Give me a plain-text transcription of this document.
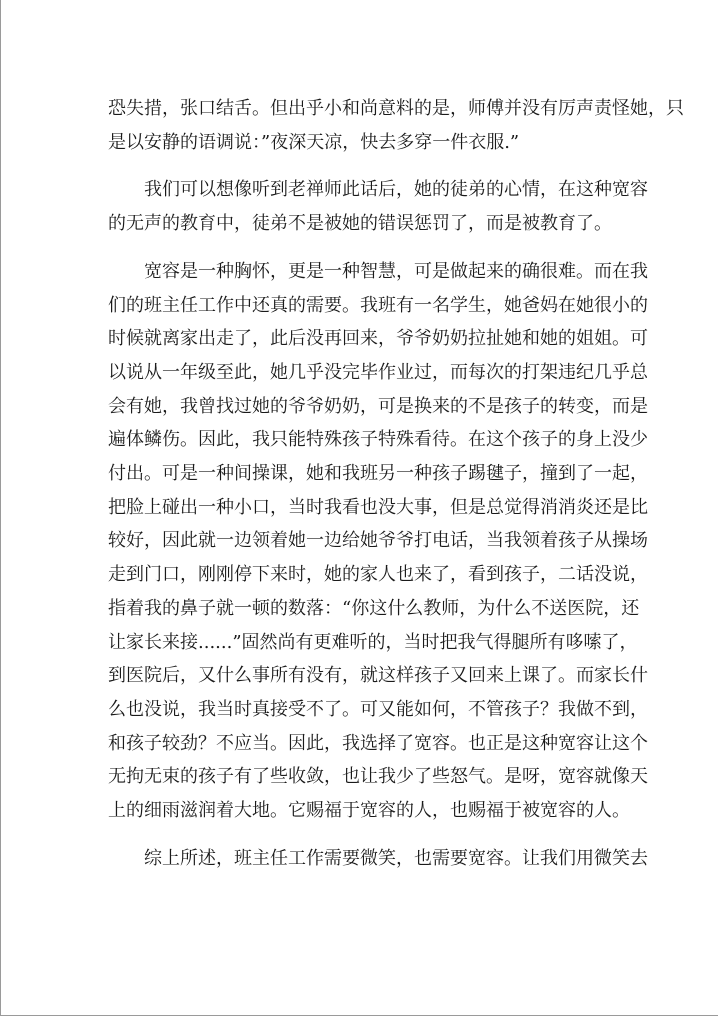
恐失措，张口结舌。但出乎小和尚意料的是，师傅并没有厉声责怪她，只
是以安静的语调说：”夜深天凉，快去多穿一件衣服.”
我们可以想像听到老禅师此话后，她的徒弟的心情，在这种宽容
的无声的教育中，徒弟不是被她的错误惩罚了，而是被教育了。
宽容是一种胸怀，更是一种智慧，可是做起来的确很难。而在我
们的班主任工作中还真的需要。我班有一名学生，她爸妈在她很小的
时候就离家出走了，此后没再回来，爷爷奶奶拉扯她和她的姐姐。可
以说从一年级至此，她几乎没完毕作业过，而每次的打架违纪几乎总
会有她，我曾找过她的爷爷奶奶，可是换来的不是孩子的转变，而是
遍体鳞伤。因此，我只能特殊孩子特殊看待。在这个孩子的身上没少
付出。可是一种间操课，她和我班另一种孩子踢毽子，撞到了一起，
把脸上碰出一种小口，当时我看也没大事，但是总觉得消消炎还是比
较好，因此就一边领着她一边给她爷爷打电话，当我领着孩子从操场
走到门口，刚刚停下来时，她的家人也来了，看到孩子，二话没说，
指着我的鼻子就一顿的数落：“你这什么教师，为什么不送医院，还
让家长来接......”固然尚有更难听的，当时把我气得腿所有哆嗦了，
到医院后，又什么事所有没有，就这样孩子又回来上课了。而家长什
么也没说，我当时真接受不了。可又能如何，不管孩子？我做不到，
和孩子较劲？不应当。因此，我选择了宽容。也正是这种宽容让这个
无拘无束的孩子有了些收敛，也让我少了些怒气。是呀，宽容就像天
上的细雨滋润着大地。它赐福于宽容的人，也赐福于被宽容的人。
综上所述，班主任工作需要微笑，也需要宽容。让我们用微笑去
